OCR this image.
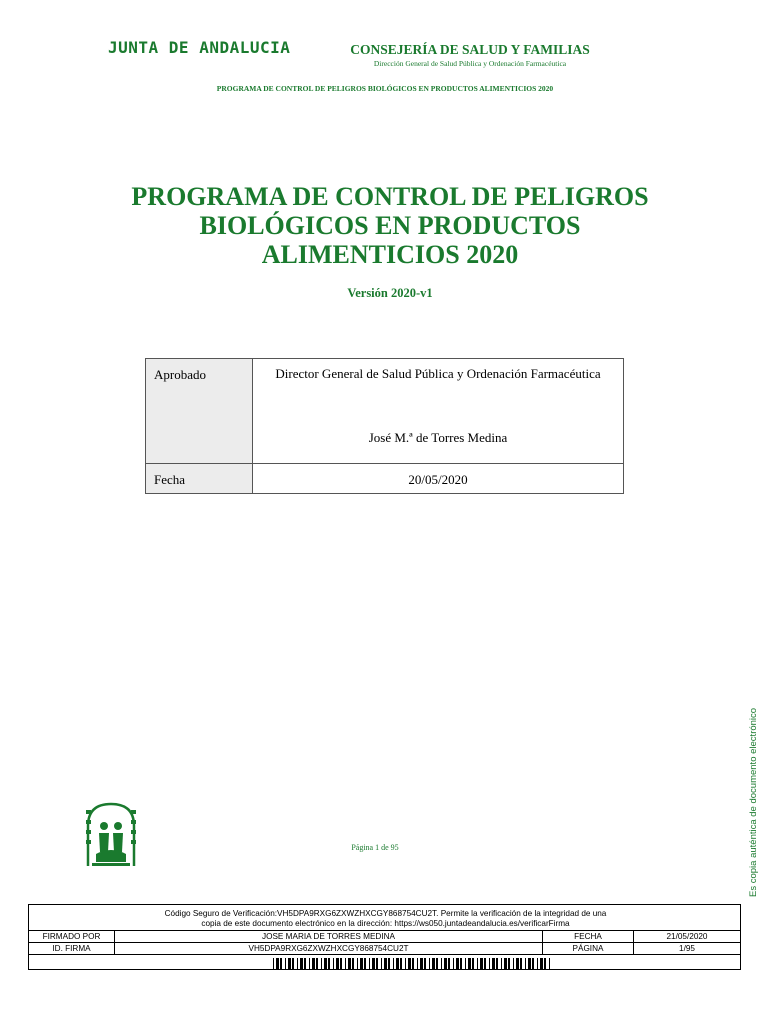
JUNTA DE ANDALUCIA	CONSEJERÍA DE SALUD Y FAMILIAS
Dirección General de Salud Pública y Ordenación Farmacéutica
PROGRAMA DE CONTROL DE PELIGROS BIOLÓGICOS EN PRODUCTOS ALIMENTICIOS 2020
PROGRAMA DE CONTROL DE PELIGROS
BIOLÓGICOS EN PRODUCTOS
ALIMENTICIOS 2020
Versión 2020-v1
Aprobado	Director General de Salud Pública y Ordenación Farmacéutica
José M.ª de Torres Medina

Fecha	20/05/2020
Es copia auténtica de documento electrónico
Página 1 de 95
Código Seguro de Verificación:VH5DPA9RXG6ZXWZHXCGY868754CU2T. Permite la verificación de la integridad de una
copia de este documento electrónico en la dirección: https://ws050.juntadeandalucia.es/verificarFirma
FIRMADO POR	JOSE MARIA DE TORRES MEDINA	FECHA	21/05/2020
ID. FIRMA	VH5DPA9RXG6ZXWZHXCGY868754CU2T	PÁGINA	1/95
